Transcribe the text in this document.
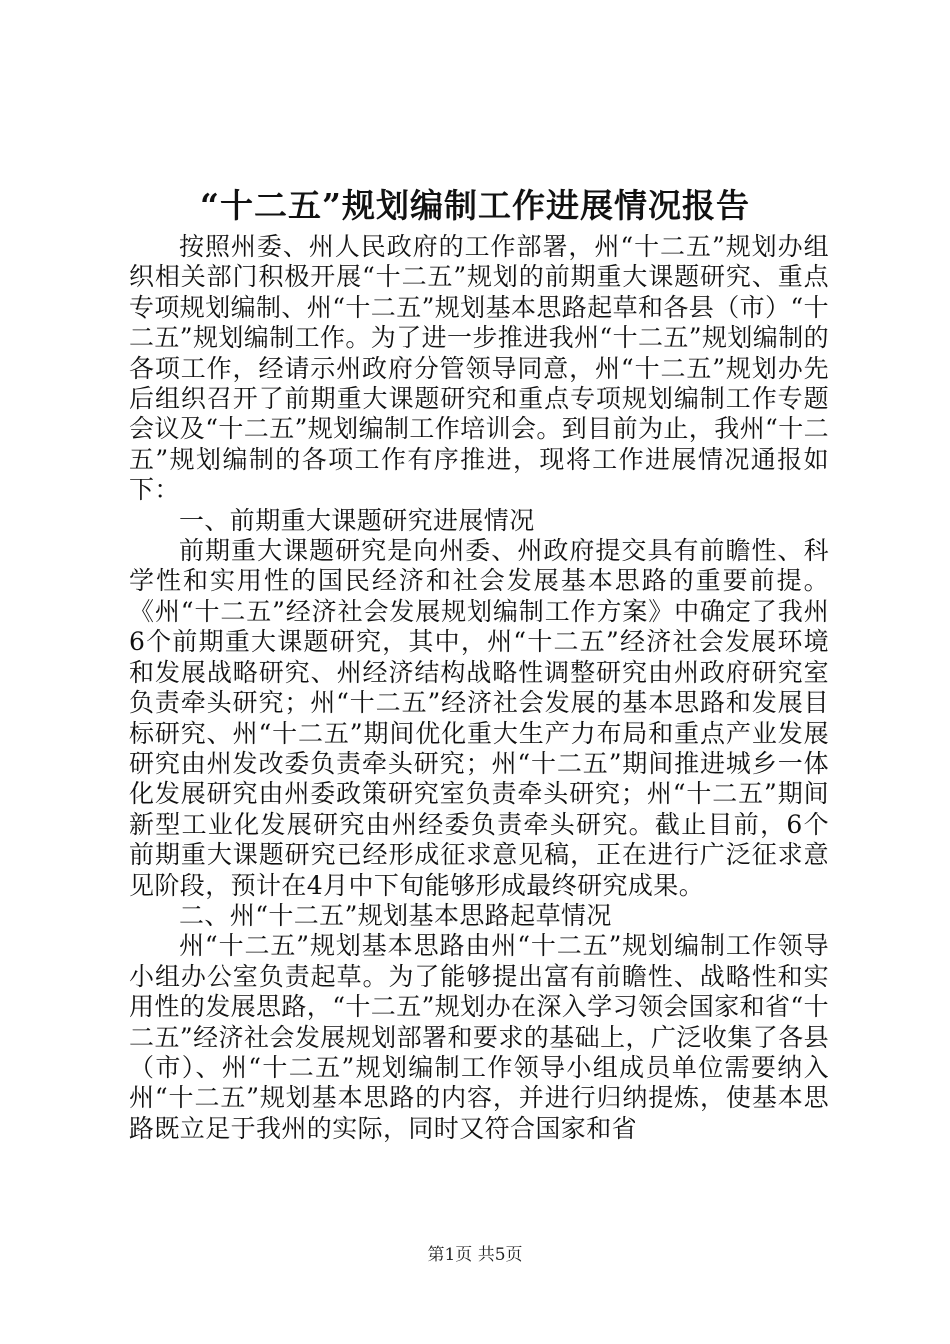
“十二五”规划编制工作进展情况报告

按照州委、州人民政府的工作部署，州“十二五”规划办组织相关部门积极开展“十二五”规划的前期重大课题研究、重点专项规划编制、州“十二五”规划基本思路起草和各县（市）“十二五”规划编制工作。为了进一步推进我州“十二五”规划编制的各项工作，经请示州政府分管领导同意，州“十二五”规划办先后组织召开了前期重大课题研究和重点专项规划编制工作专题会议及“十二五”规划编制工作培训会。到目前为止，我州“十二五”规划编制的各项工作有序推进，现将工作进展情况通报如下：

一、前期重大课题研究进展情况

前期重大课题研究是向州委、州政府提交具有前瞻性、科学性和实用性的国民经济和社会发展基本思路的重要前提。《州“十二五”经济社会发展规划编制工作方案》中确定了我州6个前期重大课题研究，其中，州“十二五”经济社会发展环境和发展战略研究、州经济结构战略性调整研究由州政府研究室负责牵头研究；州“十二五”经济社会发展的基本思路和发展目标研究、州“十二五”期间优化重大生产力布局和重点产业发展研究由州发改委负责牵头研究；州“十二五”期间推进城乡一体化发展研究由州委政策研究室负责牵头研究；州“十二五”期间新型工业化发展研究由州经委负责牵头研究。截止目前，6个前期重大课题研究已经形成征求意见稿，正在进行广泛征求意见阶段，预计在4月中下旬能够形成最终研究成果。

二、州“十二五”规划基本思路起草情况

州“十二五”规划基本思路由州“十二五”规划编制工作领导小组办公室负责起草。为了能够提出富有前瞻性、战略性和实用性的发展思路，“十二五”规划办在深入学习领会国家和省“十二五”经济社会发展规划部署和要求的基础上，广泛收集了各县（市）、州“十二五”规划编制工作领导小组成员单位需要纳入州“十二五”规划基本思路的内容，并进行归纳提炼，使基本思路既立足于我州的实际，同时又符合国家和省

第1页 共5页
